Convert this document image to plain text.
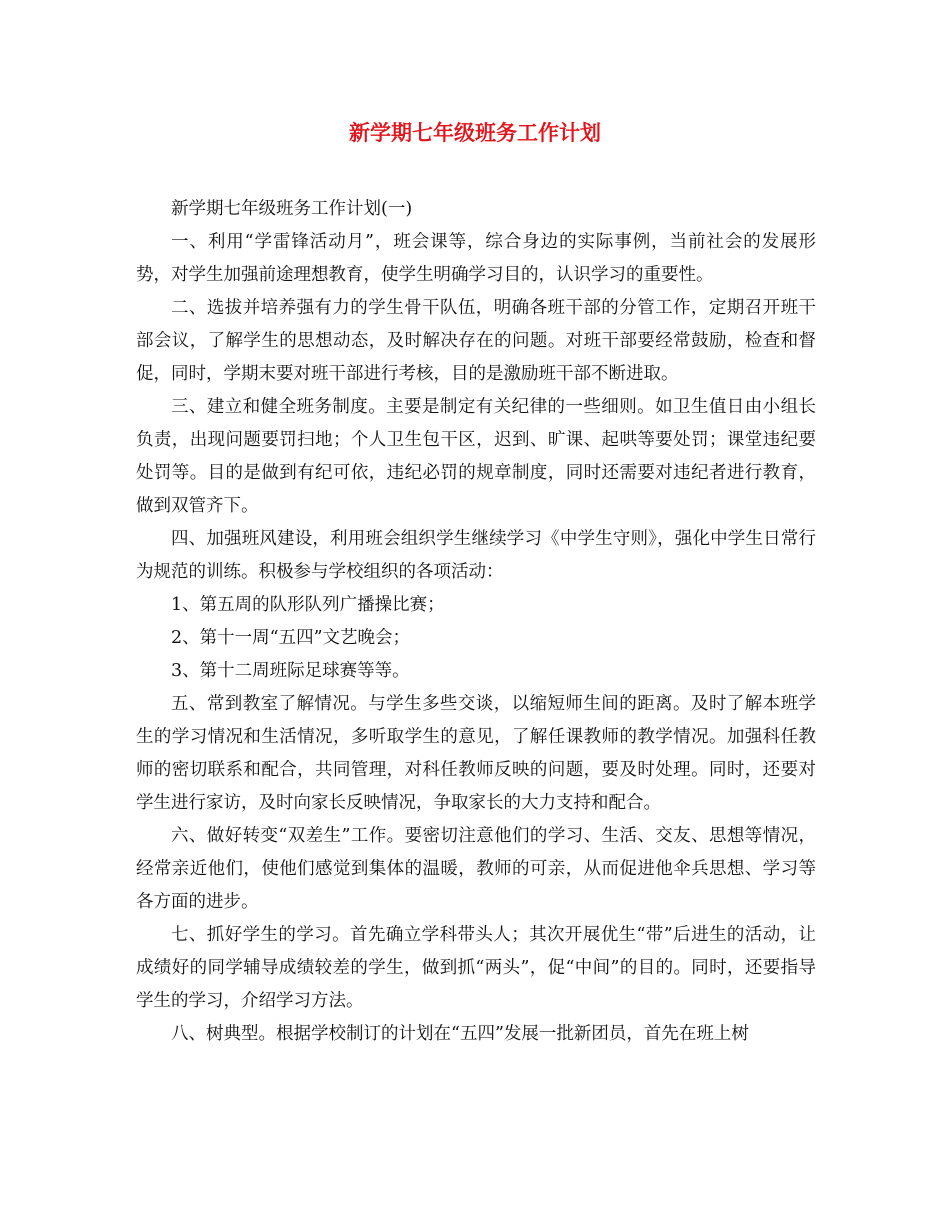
新学期七年级班务工作计划

新学期七年级班务工作计划(一)

一、利用“学雷锋活动月”，班会课等，综合身边的实际事例，当前社会的发展形势，对学生加强前途理想教育，使学生明确学习目的，认识学习的重要性。

二、选拔并培养强有力的学生骨干队伍，明确各班干部的分管工作，定期召开班干部会议，了解学生的思想动态，及时解决存在的问题。对班干部要经常鼓励，检查和督促，同时，学期末要对班干部进行考核，目的是激励班干部不断进取。

三、建立和健全班务制度。主要是制定有关纪律的一些细则。如卫生值日由小组长负责，出现问题要罚扫地；个人卫生包干区，迟到、旷课、起哄等要处罚；课堂违纪要处罚等。目的是做到有纪可依，违纪必罚的规章制度，同时还需要对违纪者进行教育，做到双管齐下。

四、加强班风建设，利用班会组织学生继续学习《中学生守则》，强化中学生日常行为规范的训练。积极参与学校组织的各项活动：

1、第五周的队形队列广播操比赛；

2、第十一周“五四”文艺晚会；

3、第十二周班际足球赛等等。

五、常到教室了解情况。与学生多些交谈，以缩短师生间的距离。及时了解本班学生的学习情况和生活情况，多听取学生的意见，了解任课教师的教学情况。加强科任教师的密切联系和配合，共同管理，对科任教师反映的问题，要及时处理。同时，还要对学生进行家访，及时向家长反映情况，争取家长的大力支持和配合。

六、做好转变“双差生”工作。要密切注意他们的学习、生活、交友、思想等情况，经常亲近他们，使他们感觉到集体的温暖，教师的可亲，从而促进他伞兵思想、学习等各方面的进步。

七、抓好学生的学习。首先确立学科带头人；其次开展优生“带”后进生的活动，让成绩好的同学辅导成绩较差的学生，做到抓“两头”，促“中间”的目的。同时，还要指导学生的学习，介绍学习方法。

八、树典型。根据学校制订的计划在“五四”发展一批新团员，首先在班上树
